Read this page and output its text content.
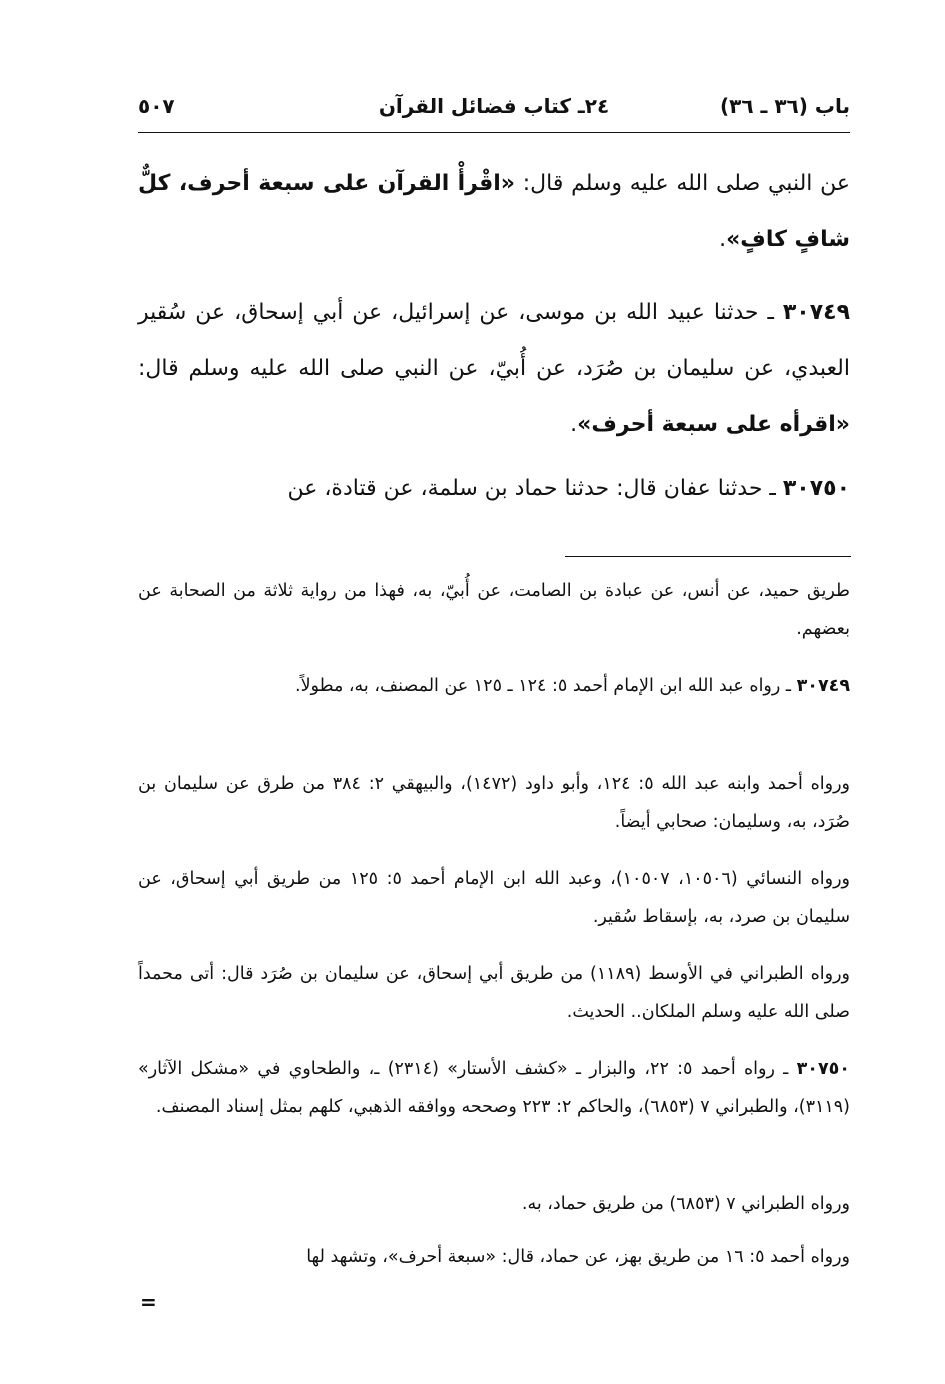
باب (٣٦ ـ ٣٦)
٢٤ـ كتاب فضائل القرآن
٥٠٧

عن النبي صلى الله عليه وسلم قال: «اقْرأْ القرآن على سبعة أحرف، كلٌّ شافٍ كافٍ».

٣٠٧٤٩ ـ حدثنا عبيد الله بن موسى، عن إسرائيل، عن أبي إسحاق، عن سُقير العبدي، عن سليمان بن صُرَد، عن أُبيّ، عن النبي صلى الله عليه وسلم قال: «اقرأه على سبعة أحرف».

٣٠٧٥٠ ـ حدثنا عفان قال: حدثنا حماد بن سلمة، عن قتادة، عن

طريق حميد، عن أنس، عن عبادة بن الصامت، عن أُبيّ، به، فهذا من رواية ثلاثة من الصحابة عن بعضهم.

٣٠٧٤٩ ـ رواه عبد الله ابن الإمام أحمد ٥: ١٢٤ ـ ١٢٥ عن المصنف، به، مطولاً.

ورواه أحمد وابنه عبد الله ٥: ١٢٤، وأبو داود (١٤٧٢)، والبيهقي ٢: ٣٨٤ من طرق عن سليمان بن صُرَد، به، وسليمان: صحابي أيضاً.

ورواه النسائي (١٠٥٠٦، ١٠٥٠٧)، وعبد الله ابن الإمام أحمد ٥: ١٢٥ من طريق أبي إسحاق، عن سليمان بن صرد، به، بإسقاط سُقير.

ورواه الطبراني في الأوسط (١١٨٩) من طريق أبي إسحاق، عن سليمان بن صُرَد قال: أتى محمداً صلى الله عليه وسلم الملكان.. الحديث.

٣٠٧٥٠ ـ رواه أحمد ٥: ٢٢، والبزار ـ «كشف الأستار» (٢٣١٤) ـ، والطحاوي في «مشكل الآثار» (٣١١٩)، والطبراني ٧ (٦٨٥٣)، والحاكم ٢: ٢٢٣ وصححه ووافقه الذهبي، كلهم بمثل إسناد المصنف.

ورواه الطبراني ٧ (٦٨٥٣) من طريق حماد، به.

ورواه أحمد ٥: ١٦ من طريق بهز، عن حماد، قال: «سبعة أحرف»، وتشهد لها

=
